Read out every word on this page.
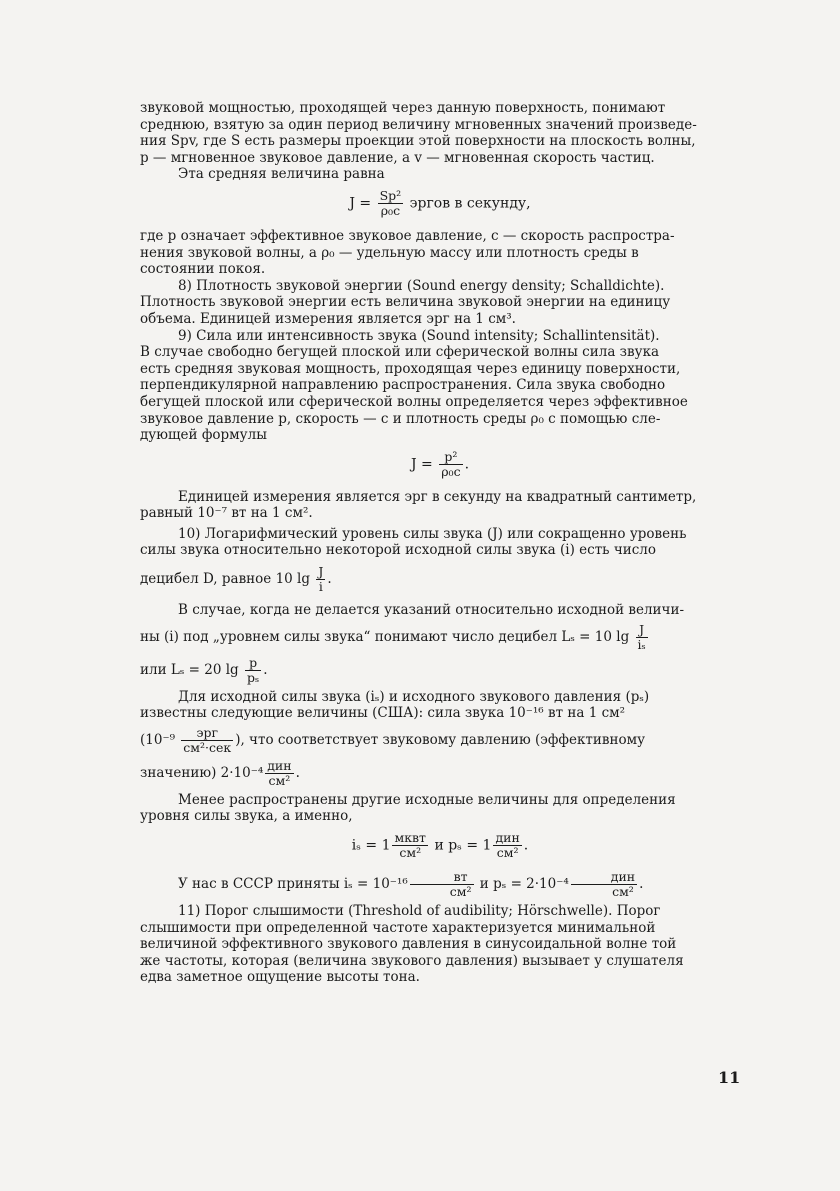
звуковой мощностью, проходящей через данную поверхность, понимают

среднюю, взятую за один период величину мгновенных значений произведе-

ния Spv, где S есть размеры проекции этой поверхности на плоскость волны,

p — мгновенное звуковое давление, а v — мгновенная скорость частиц.

Эта средняя величина равна

$J = \frac{\text{Sp²}}{\text{ρ₀c}}$ эргов в секунду,

где p означает эффективное звуковое давление, c — скорость распростра-

нения звуковой волны, а ρ₀ — удельную массу или плотность среды в

состоянии покоя.

8) Плотность звуковой энергии (Sound energy density; Schalldichte).

Плотность звуковой энергии есть величина звуковой энергии на единицу

объема. Единицей измерения является эрг на 1 см³.

9) Сила или интенсивность звука (Sound intensity; Schallintensität).

В случае свободно бегущей плоской или сферической волны сила звука

есть средняя звуковая мощность, проходящая через единицу поверхности,

перпендикулярной направлению распространения. Сила звука свободно

бегущей плоской или сферической волны определяется через эффективное

звуковое давление p, скорость — c и плотность среды ρ₀ c помощью сле-

дующей формулы

$J = \frac{\text{p²}}{\text{ρ₀c}}$ .

Единицей измерения является эрг в секунду на квадратный сантиметр,

равный 10⁻⁷ вт на 1 см².

10) Логарифмический уровень силы звука (J) или сокращенно уровень

силы звука относительно некоторой исходной силы звука (i) есть число

децибел D, равное 10 $\lg \frac{J}{i}$ .

В случае, когда не делается указаний относительно исходной величи-

ны (i) под „уровнем силы звука“ понимают число децибел Lₛ = 10 $\lg \frac{J}{\text{iₛ}}$

или Lₛ = 20 $\lg \frac{p}{\text{pₛ}}$ .

Для исходной силы звука (iₛ) и исходного звукового давления (pₛ)

известны следующие величины (США): сила звука 10⁻¹⁶ вт на 1 см²

($10^{-9} \frac{\text{эрг}}{\text{см²·сек}}$ ), что соответствует звуковому давлению (эффективному

значению) $2\cdot 10^{-4} \frac{\text{дин}}{\text{см²}}$ .

Менее распространены другие исходные величины для определения

уровня силы звука, а именно,

$i_s = 1 \frac{\text{мквт}}{\text{см²}}$ и $p_s = 1 \frac{\text{дин}}{\text{см²}}$ .

У нас в СССР приняты $i_s = 10^{-16} \frac{вт}{\text{см²}}$ и $p_s = 2\cdot 10^{-4} \frac{\text{дин}}{\text{см²}}$ .

11) Порог слышимости (Threshold of audibility; Hörschwelle). Порог

слышимости при определенной частоте характеризуется минимальной

величиной эффективного звукового давления в синусоидальной волне той

же частоты, которая (величина звукового давления) вызывает у слушателя

едва заметное ощущение высоты тона.

11
